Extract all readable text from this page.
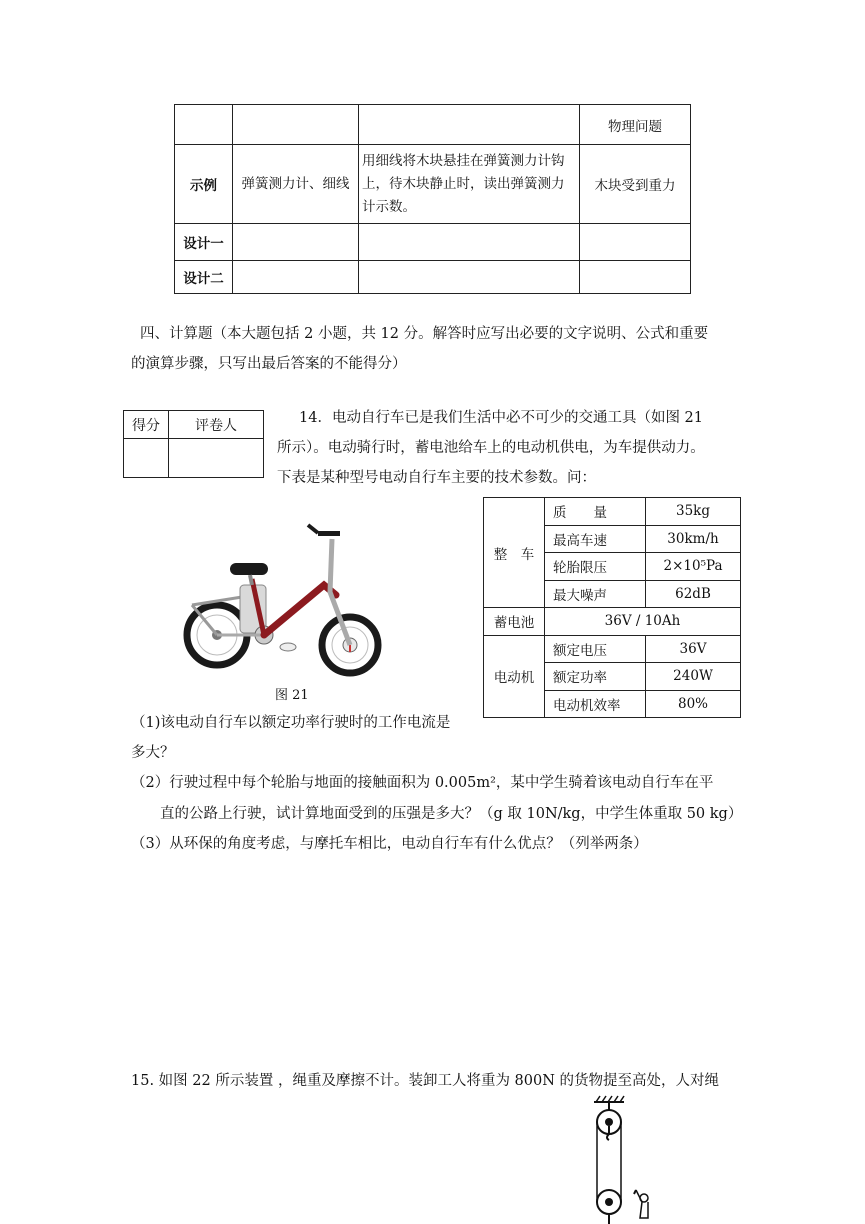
			物理问题
示例	弹簧测力计、细线	用细线将木块悬挂在弹簧测力计钩上，待木块静止时，读出弹簧测力计示数。	木块受到重力
设计一			
设计二			
四、计算题（本大题包括 2 小题，共 12 分。解答时应写出必要的文字说明、公式和重要
的演算步骤，只写出最后答案的不能得分）
得分	评卷人
		14．电动自行车已是我们生活中必不可少的交通工具（如图 21
所示）。电动骑行时，蓄电池给车上的电动机供电，为车提供动力。
下表是某种型号电动自行车主要的技术参数。问：
整　车	质　　量	35kg
	最高车速	30km/h
	轮胎限压	2×10⁵Pa
	最大噪声	62dB
蓄电池	36V / 10Ah	
电动机	额定电压	36V
	额定功率	240W
	电动机效率	80%
图 21
（1)该电动自行车以额定功率行驶时的工作电流是
多大？
（2）行驶过程中每个轮胎与地面的接触面积为 0.005m²，某中学生骑着该电动自行车在平
直的公路上行驶，试计算地面受到的压强是多大？（g 取 10N/kg，中学生体重取 50 kg）
（3）从环保的角度考虑，与摩托车相比，电动自行车有什么优点？（列举两条）
15. 如图 22 所示装置 ，绳重及摩擦不计。装卸工人将重为 800N 的货物提至高处，人对绳
